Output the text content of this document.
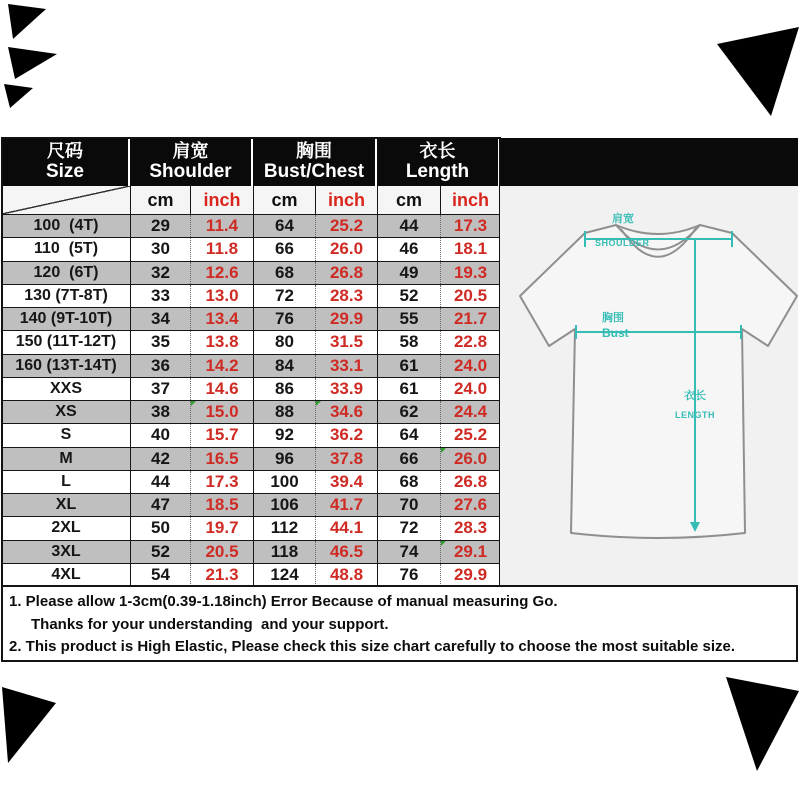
尺码
Size
肩宽
Shoulder
胸围
Bust/Chest
衣长
Length
cm	inch	cm	inch	cm	inch
100  (4T)	29	11.4	64	25.2	44	17.3
110  (5T)	30	11.8	66	26.0	46	18.1
120  (6T)	32	12.6	68	26.8	49	19.3
130 (7T-8T)	33	13.0	72	28.3	52	20.5
140 (9T-10T)	34	13.4	76	29.9	55	21.7
150 (11T-12T)	35	13.8	80	31.5	58	22.8
160 (13T-14T)	36	14.2	84	33.1	61	24.0
XXS	37	14.6	86	33.9	61	24.0
XS	38	15.0	88	34.6	62	24.4
S	40	15.7	92	36.2	64	25.2
M	42	16.5	96	37.8	66	26.0
L	44	17.3	100	39.4	68	26.8
XL	47	18.5	106	41.7	70	27.6
2XL	50	19.7	112	44.1	72	28.3
3XL	52	20.5	118	46.5	74	29.1
4XL	54	21.3	124	48.8	76	29.9
肩宽
SHOULDER
胸围
Bust
衣长
LENGTH
1. Please allow 1-3cm(0.39-1.18inch) Error Because of manual measuring Go.
Thanks for your understanding  and your support.
2. This product is High Elastic, Please check this size chart carefully to choose the most suitable size.
